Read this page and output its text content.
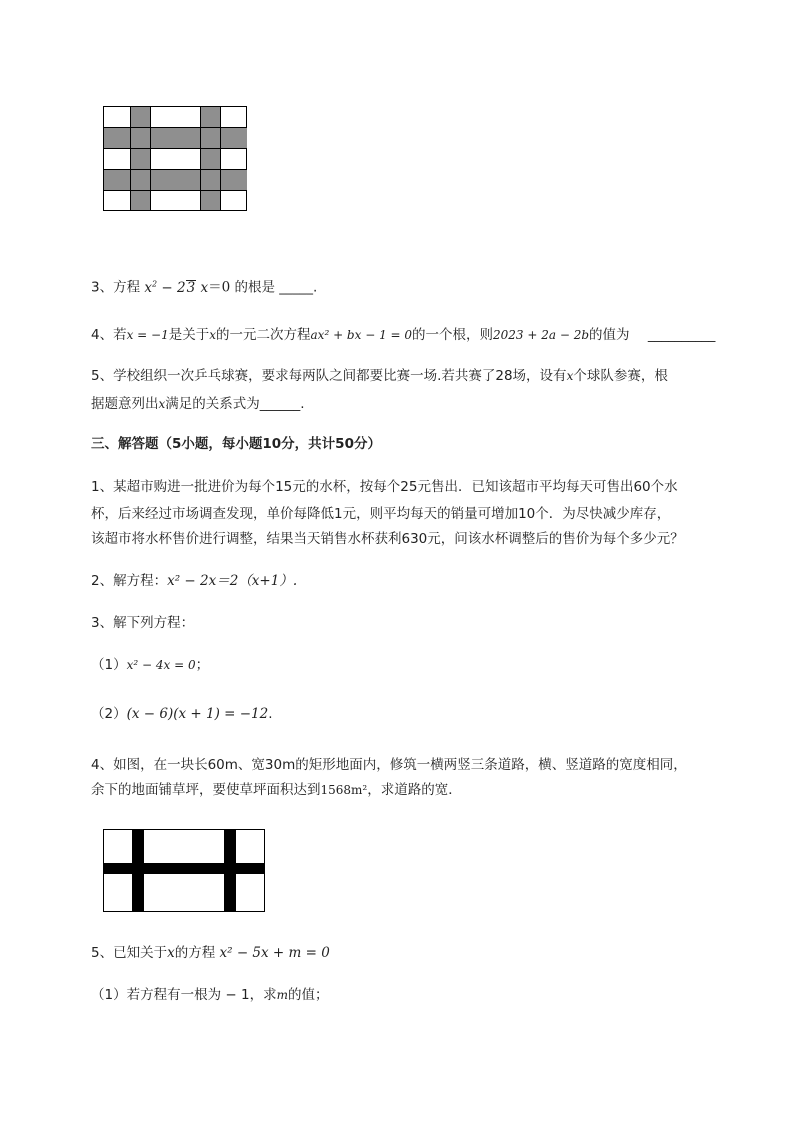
3、方程 $x^2 - 23$ x＝0 的根是 _____.
4、若x = −1是关于x的一元二次方程ax² + bx − 1 = 0的一个根，则2023 + 2a − 2b的值为 __________
5、学校组织一次乒乓球赛，要求每两队之间都要比赛一场.若共赛了28场，设有x个球队参赛，根
据题意列出x满足的关系式为______.
三、解答题（5小题，每小题10分，共计50分）
1、某超市购进一批进价为每个15元的水杯，按每个25元售出．已知该超市平均每天可售出60个水
杯，后来经过市场调查发现，单价每降低1元，则平均每天的销量可增加10个．为尽快减少库存，
该超市将水杯售价进行调整，结果当天销售水杯获利630元，问该水杯调整后的售价为每个多少元？
2、解方程：x² − 2x＝2（x+1）.
3、解下列方程：
（1）x² − 4x = 0；
（2）(x − 6)(x + 1) = −12.
4、如图，在一块长60m、宽30m的矩形地面内，修筑一横两竖三条道路，横、竖道路的宽度相同，
余下的地面铺草坪，要使草坪面积达到1568m²，求道路的宽．
5、已知关于x的方程 x² − 5x + m = 0
（1）若方程有一根为 − 1，求m的值；
